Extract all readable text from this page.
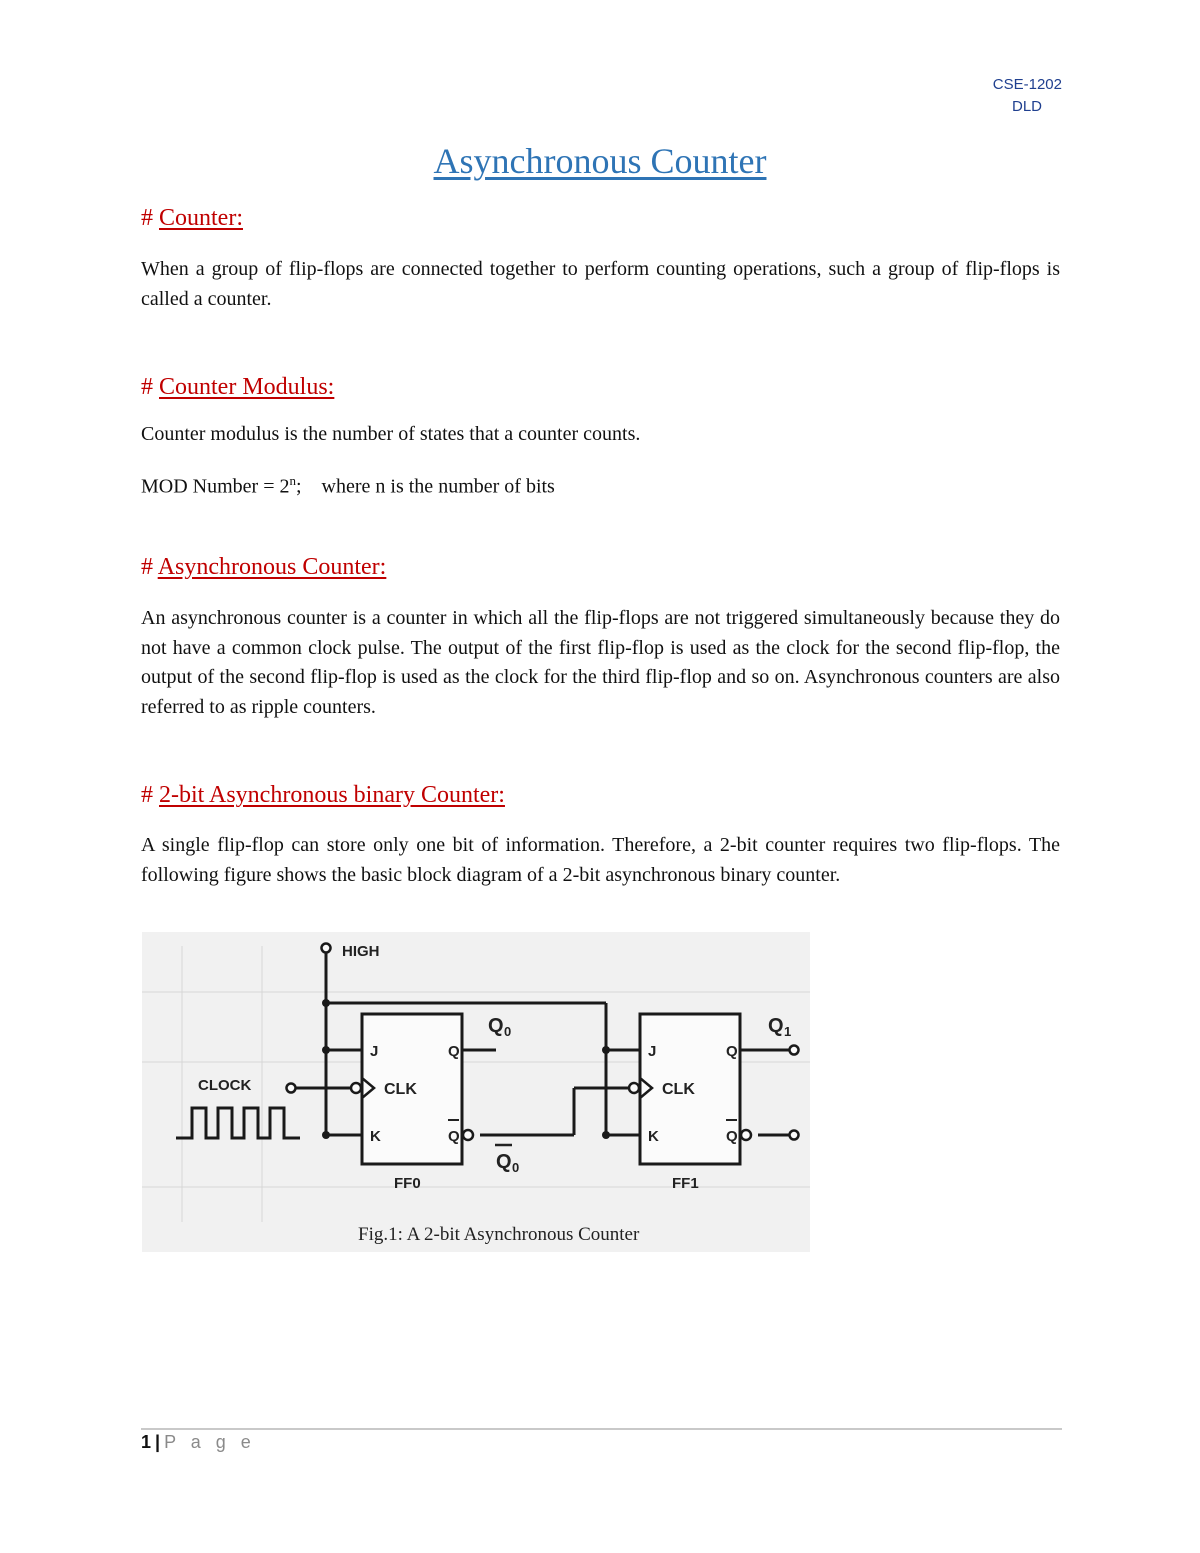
CSE-1202
DLD
Asynchronous Counter
# Counter:
When a group of flip-flops are connected together to perform counting operations, such a group of flip-flops is called a counter.
# Counter Modulus:
Counter modulus is the number of states that a counter counts.
MOD Number = $2^n$;    where n is the number of bits
# Asynchronous Counter:
An asynchronous counter is a counter in which all the flip-flops are not triggered simultaneously because they do not have a common clock pulse. The output of the first flip-flop is used as the clock for the second flip-flop, the output of the second flip-flop is used as the clock for the third flip-flop and so on. Asynchronous counters are also referred to as ripple counters.
# 2-bit Asynchronous binary Counter:
A single flip-flop can store only one bit of information. Therefore, a 2-bit counter requires two flip-flops. The following figure shows the basic block diagram of a 2-bit asynchronous binary counter.
HIGH
CLOCK
J
K
CLK
Q
Q
FF0
J
K
CLK
Q
Q
FF1
Q 0
Q 0
Q 1
Fig.1: A 2-bit Asynchronous Counter
1 | P a g e
